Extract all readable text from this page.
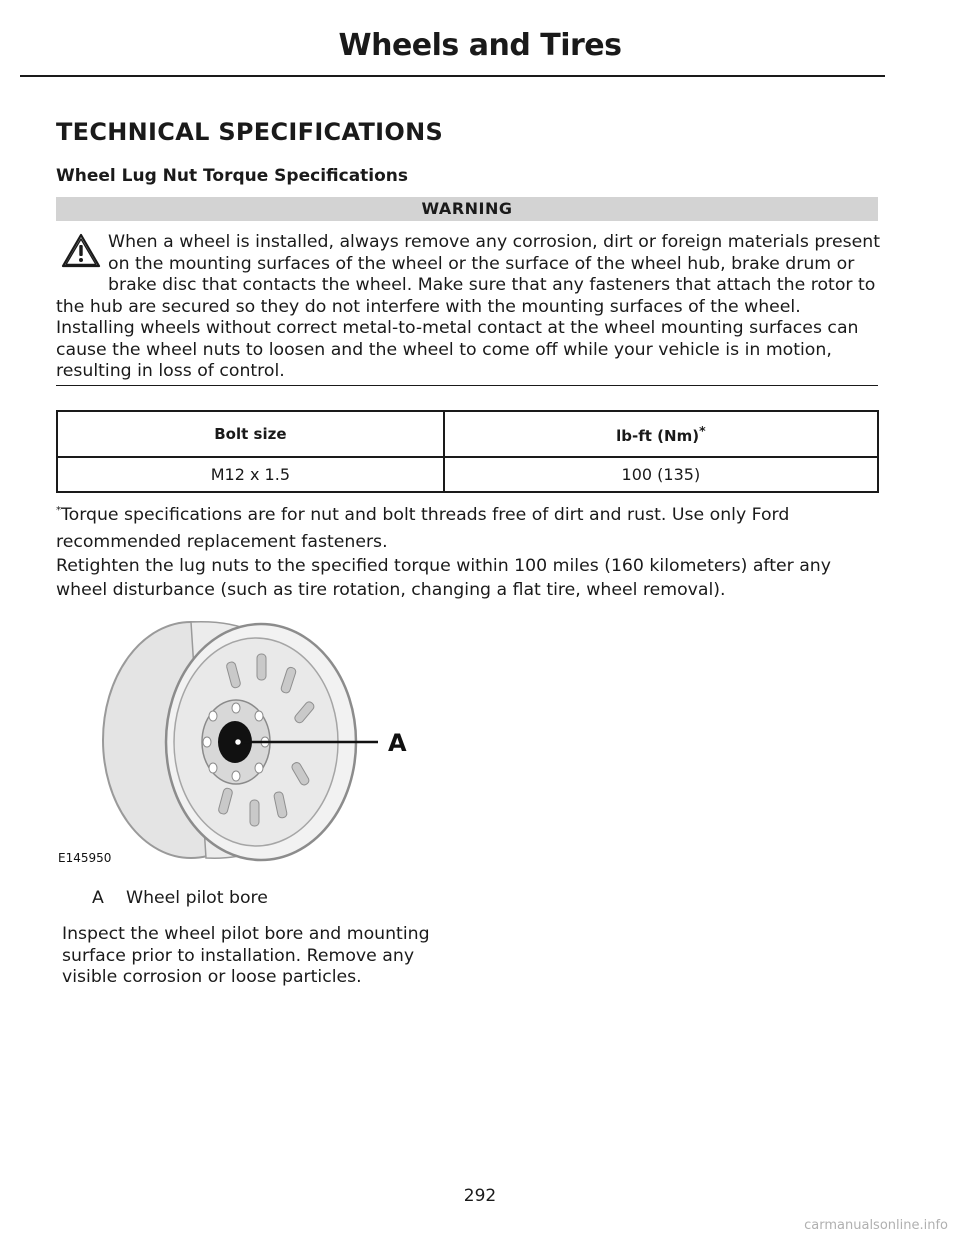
Wheels and Tires
TECHNICAL SPECIFICATIONS
Wheel Lug Nut Torque Specifications
WARNING
When a wheel is installed, always remove any corrosion, dirt or foreign materials present on the mounting surfaces of the wheel or the surface of the wheel hub, brake drum or brake disc that contacts the wheel. Make sure that any fasteners that attach the rotor to the hub are secured so they do not interfere with the mounting surfaces of the wheel. Installing wheels without correct metal-to-metal contact at the wheel mounting surfaces can cause the wheel nuts to loosen and the wheel to come off while your vehicle is in motion, resulting in loss of control.
Bolt size	lb-ft (Nm)*
M12 x 1.5	100 (135)
*Torque specifications are for nut and bolt threads free of dirt and rust. Use only Ford recommended replacement fasteners.
Retighten the lug nuts to the specified torque within 100 miles (160 kilometers) after any wheel disturbance (such as tire rotation, changing a flat tire, wheel removal).
A
E145950
A Wheel pilot bore
Inspect the wheel pilot bore and mounting surface prior to installation. Remove any visible corrosion or loose particles.
292
carmanualsonline.info
